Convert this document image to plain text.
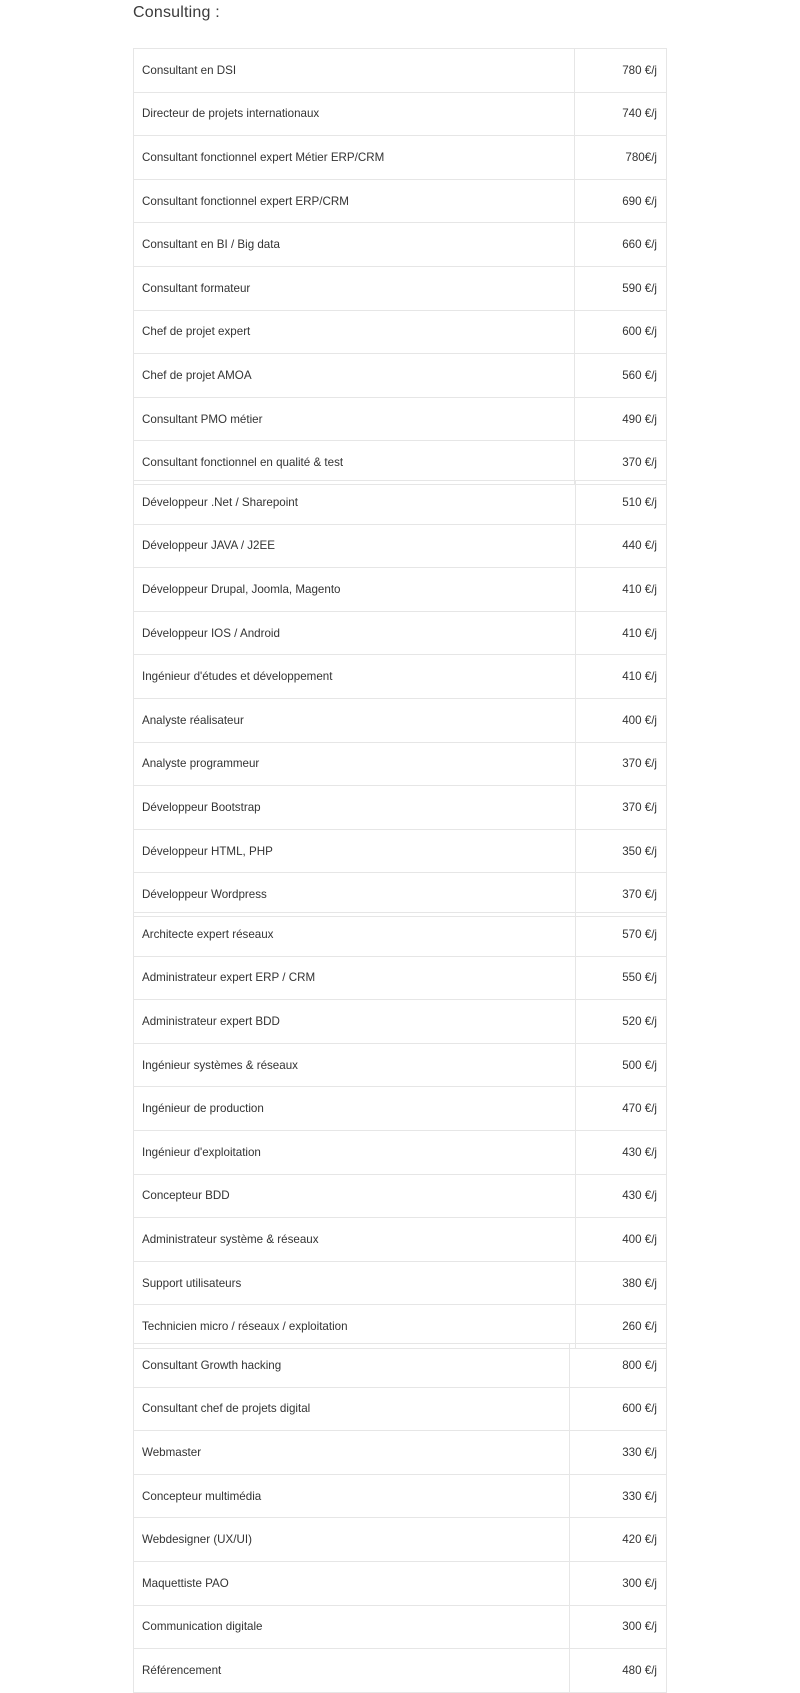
Consulting :
Consultant en DSI	780 €/j
Directeur de projets internationaux	740 €/j
Consultant fonctionnel expert Métier ERP/CRM	780€/j
Consultant fonctionnel expert ERP/CRM	690 €/j
Consultant en BI / Big data	660 €/j
Consultant formateur	590 €/j
Chef de projet expert	600 €/j
Chef de projet AMOA	560 €/j
Consultant PMO métier	490 €/j
Consultant fonctionnel en qualité & test	370 €/j
Développeur .Net / Sharepoint	510 €/j
Développeur JAVA / J2EE	440 €/j
Développeur Drupal, Joomla, Magento	410 €/j
Développeur IOS / Android	410 €/j
Ingénieur d'études et développement	410 €/j
Analyste réalisateur	400 €/j
Analyste programmeur	370 €/j
Développeur Bootstrap	370 €/j
Développeur HTML, PHP	350 €/j
Développeur Wordpress	370 €/j
Architecte expert réseaux	570 €/j
Administrateur expert ERP / CRM	550 €/j
Administrateur expert BDD	520 €/j
Ingénieur systèmes & réseaux	500 €/j
Ingénieur de production	470 €/j
Ingénieur d'exploitation	430 €/j
Concepteur BDD	430 €/j
Administrateur système & réseaux	400 €/j
Support utilisateurs	380 €/j
Technicien micro / réseaux / exploitation	260 €/j
Consultant Growth hacking	800 €/j
Consultant chef de projets digital	600 €/j
Webmaster	330 €/j
Concepteur multimédia	330 €/j
Webdesigner (UX/UI)	420 €/j
Maquettiste PAO	300 €/j
Communication digitale	300 €/j
Référencement	480 €/j
